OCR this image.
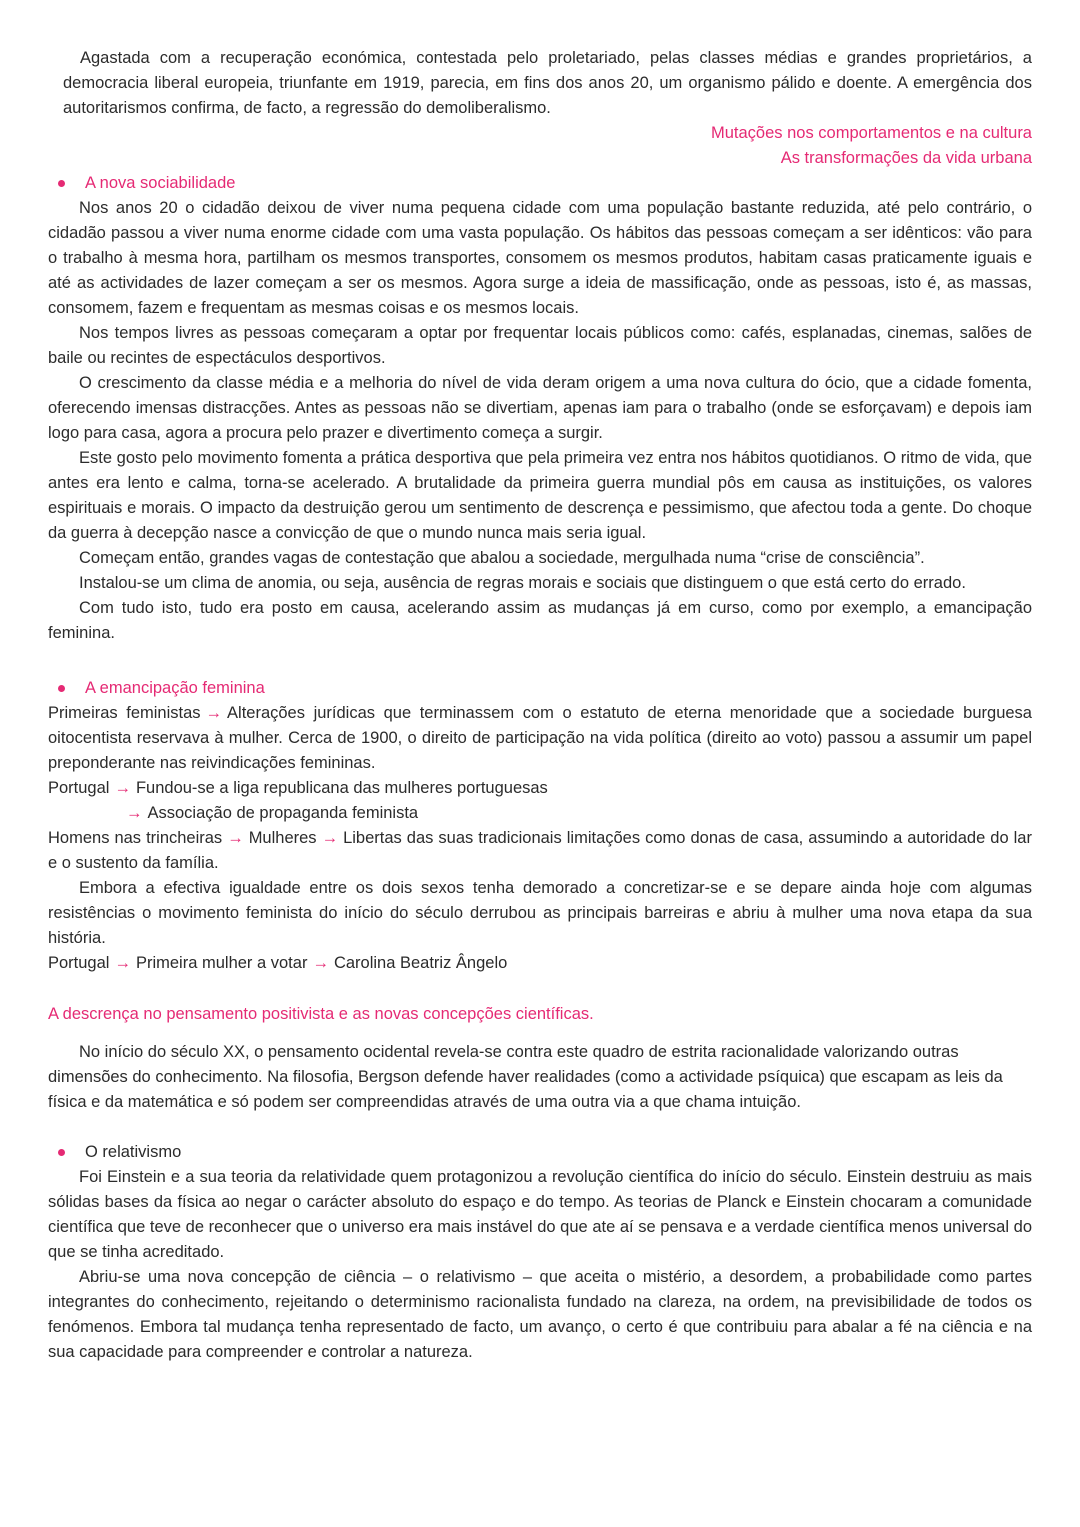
Agastada com a recuperação económica, contestada pelo proletariado, pelas classes médias e grandes proprietários, a democracia liberal europeia, triunfante em 1919, parecia, em fins dos anos 20, um organismo pálido e doente. A emergência dos autoritarismos confirma, de facto, a regressão do demoliberalismo.

Mutações nos comportamentos e na cultura

As transformações da vida urbana

A nova sociabilidade

Nos anos 20 o cidadão deixou de viver numa pequena cidade com uma população bastante reduzida, até pelo contrário, o cidadão passou a viver numa enorme cidade com uma vasta população. Os hábitos das pessoas começam a ser idênticos: vão para o trabalho à mesma hora, partilham os mesmos transportes, consomem os mesmos produtos, habitam casas praticamente iguais e até as actividades de lazer começam a ser os mesmos. Agora surge a ideia de massificação, onde as pessoas, isto é, as massas, consomem, fazem e frequentam as mesmas coisas e os mesmos locais.

Nos tempos livres as pessoas começaram a optar por frequentar locais públicos como: cafés, esplanadas, cinemas, salões de baile ou recintes de espectáculos desportivos.

O crescimento da classe média e a melhoria do nível de vida deram origem a uma nova cultura do ócio, que a cidade fomenta, oferecendo imensas distracções. Antes as pessoas não se divertiam, apenas iam para o trabalho (onde se esforçavam) e depois iam logo para casa, agora a procura pelo prazer e divertimento começa a surgir.

Este gosto pelo movimento fomenta a prática desportiva que pela primeira vez entra nos hábitos quotidianos. O ritmo de vida, que antes era lento e calma, torna-se acelerado. A brutalidade da primeira guerra mundial pôs em causa as instituições, os valores espirituais e morais. O impacto da destruição gerou um sentimento de descrença e pessimismo, que afectou toda a gente. Do choque da guerra à decepção nasce a convicção de que o mundo nunca mais seria igual.

Começam então, grandes vagas de contestação que abalou a sociedade, mergulhada numa “crise de consciência”.

Instalou-se um clima de anomia, ou seja, ausência de regras morais e sociais que distinguem o que está certo do errado.

Com tudo isto, tudo era posto em causa, acelerando assim as mudanças já em curso, como por exemplo, a emancipação feminina.

A emancipação feminina

Primeiras feministas → Alterações jurídicas que terminassem com o estatuto de eterna menoridade que a sociedade burguesa oitocentista reservava à mulher. Cerca de 1900, o direito de participação na vida política (direito ao voto) passou a assumir um papel preponderante nas reivindicações femininas.

Portugal → Fundou-se a liga republicana das mulheres portuguesas

→ Associação de propaganda feminista

Homens nas trincheiras → Mulheres → Libertas das suas tradicionais limitações como donas de casa, assumindo a autoridade do lar e o sustento da família.

Embora a efectiva igualdade entre os dois sexos tenha demorado a concretizar-se e se depare ainda hoje com algumas resistências o movimento feminista do início do século derrubou as principais barreiras e abriu à mulher uma nova etapa da sua história.

Portugal → Primeira mulher a votar → Carolina Beatriz Ângelo

A descrença no pensamento positivista e as novas concepções científicas.

No início do século XX, o pensamento ocidental revela-se contra este quadro de estrita racionalidade valorizando outras dimensões do conhecimento. Na filosofia, Bergson defende haver realidades (como a actividade psíquica) que escapam as leis da física e da matemática e só podem ser compreendidas através de uma outra via a que chama intuição.

O relativismo

Foi Einstein e a sua teoria da relatividade quem protagonizou a revolução científica do início do século. Einstein destruiu as mais sólidas bases da física ao negar o carácter absoluto do espaço e do tempo. As teorias de Planck e Einstein chocaram a comunidade científica que teve de reconhecer que o universo era mais instável do que ate aí se pensava e a verdade científica menos universal do que se tinha acreditado.

Abriu-se uma nova concepção de ciência – o relativismo – que aceita o mistério, a desordem, a probabilidade como partes integrantes do conhecimento, rejeitando o determinismo racionalista fundado na clareza, na ordem, na previsibilidade de todos os fenómenos. Embora tal mudança tenha representado de facto, um avanço, o certo é que contribuiu para abalar a fé na ciência e na sua capacidade para compreender e controlar a natureza.
